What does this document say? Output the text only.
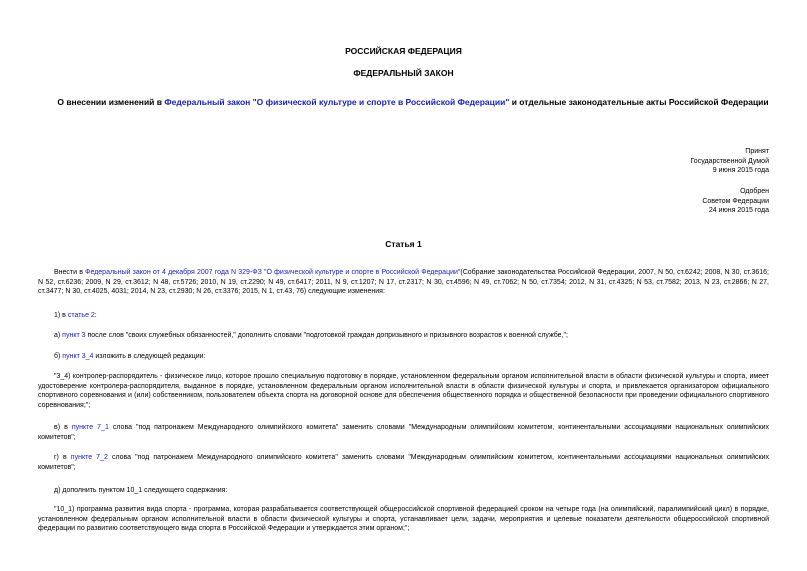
РОССИЙСКАЯ ФЕДЕРАЦИЯ
ФЕДЕРАЛЬНЫЙ ЗАКОН
О внесении изменений в Федеральный закон "О физической культуре и спорте в Российской Федерации" и отдельные законодательные акты Российской Федерации
Принят
Государственной Думой
9 июня 2015 года
Одобрен
Советом Федерации
24 июня 2015 года
Статья 1
Внести в Федеральный закон от 4 декабря 2007 года N 329-ФЗ "О физической культуре и спорте в Российской Федерации"(Собрание законодательства Российской Федерации, 2007, N 50, ст.6242; 2008, N 30, ст.3616; N 52, ст.6236; 2009, N 29, ст.3612; N 48, ст.5726; 2010, N 19, ст.2290; N 49, ст.6417; 2011, N 9, ст.1207; N 17, ст.2317; N 30, ст.4596; N 49, ст.7062; N 50, ст.7354; 2012, N 31, ст.4325; N 53, ст.7582; 2013, N 23, ст.2866; N 27, ст.3477; N 30, ст.4025, 4031; 2014, N 23, ст.2930; N 26, ст.3376; 2015, N 1, ст.43, 76) следующие изменения:
1) в статье 2:
а) пункт 3 после слов "своих служебных обязанностей," дополнить словами "подготовкой граждан допризывного и призывного возрастов к военной службе,";
б) пункт 3_4 изложить в следующей редакции:
"3_4) контролер-распорядитель - физическое лицо, которое прошло специальную подготовку в порядке, установленном федеральным органом исполнительной власти в области физической культуры и спорта, имеет удостоверение контролера-распорядителя, выданное в порядке, установленном федеральным органом исполнительной власти в области физической культуры и спорта, и привлекается организатором официального спортивного соревнования и (или) собственником, пользователем объекта спорта на договорной основе для обеспечения общественного порядка и общественной безопасности при проведении официального спортивного соревнования;";
в) в пункте 7_1 слова "под патронажем Международного олимпийского комитета" заменить словами "Международным олимпийским комитетом, континентальными ассоциациями национальных олимпийских комитетов";
г) в пункте 7_2 слова "под патронажем Международного олимпийского комитета" заменить словами "Международным олимпийским комитетом, континентальными ассоциациями национальных олимпийских комитетов";
д) дополнить пунктом 10_1 следующего содержания:
"10_1) программа развития вида спорта - программа, которая разрабатывается соответствующей общероссийской спортивной федерацией сроком на четыре года (на олимпийский, паралимпийский цикл) в порядке, установленном федеральным органом исполнительной власти в области физической культуры и спорта, устанавливает цели, задачи, мероприятия и целевые показатели деятельности общероссийской спортивной федерации по развитию соответствующего вида спорта в Российской Федерации и утверждается этим органом;";
